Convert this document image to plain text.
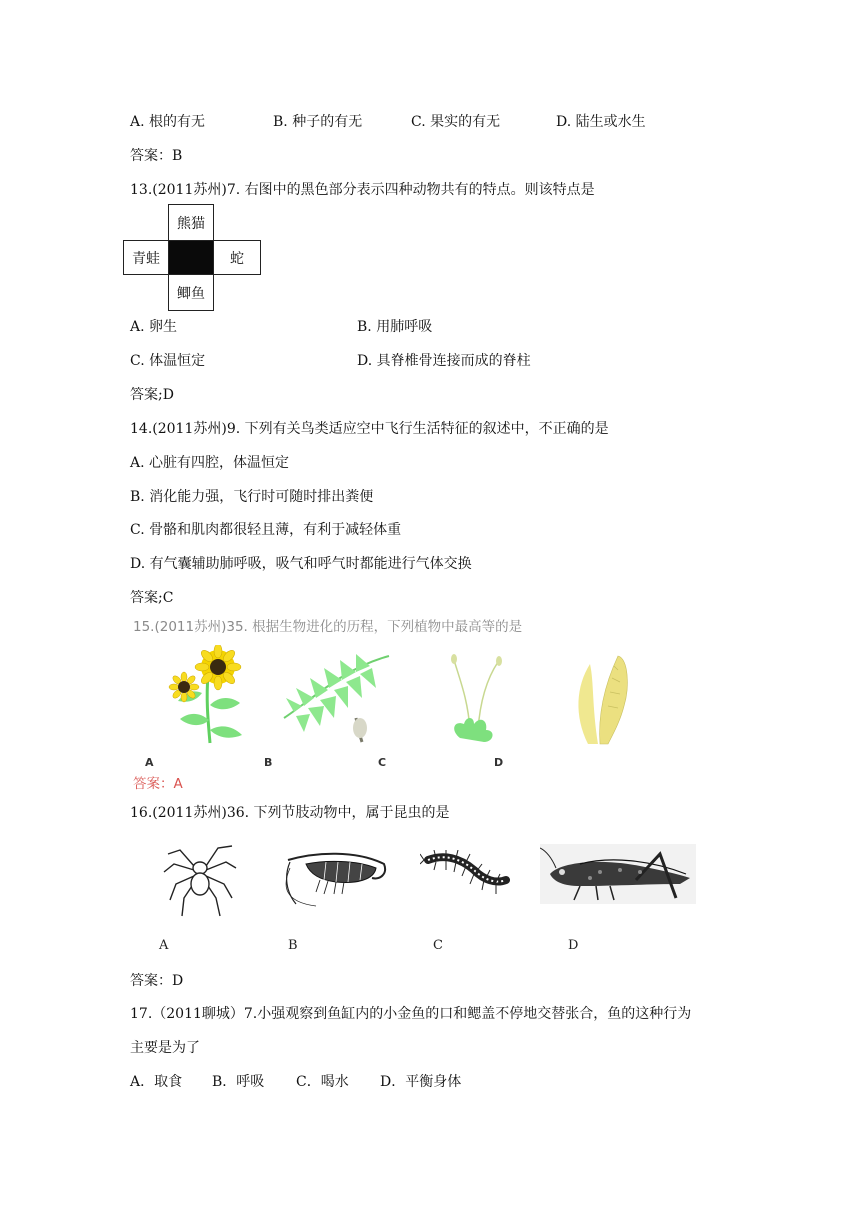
A. 根的有无	B. 种子的有无	C. 果实的有无	D. 陆生或水生
答案：B
13.(2011苏州)7. 右图中的黑色部分表示四种动物共有的特点。则该特点是
熊猫
青蛙	蛇
鲫鱼
A. 卵生	B. 用肺呼吸
C. 体温恒定	D. 具脊椎骨连接而成的脊柱
答案;D
14.(2011苏州)9. 下列有关鸟类适应空中飞行生活特征的叙述中，不正确的是
A. 心脏有四腔，体温恒定
B. 消化能力强，飞行时可随时排出粪便
C. 骨骼和肌肉都很轻且薄，有利于减轻体重
D. 有气囊辅助肺呼吸，吸气和呼气时都能进行气体交换
答案;C
15.(2011苏州)35. 根据生物进化的历程，下列植物中最高等的是
A	B	C	D
答案：A
16.(2011苏州)36. 下列节肢动物中，属于昆虫的是
A	B	C	D
答案：D
17.（2011聊城）7.小强观察到鱼缸内的小金鱼的口和鳃盖不停地交替张合，鱼的这种行为
主要是为了
A．取食 B．呼吸 C．喝水 D．平衡身体
